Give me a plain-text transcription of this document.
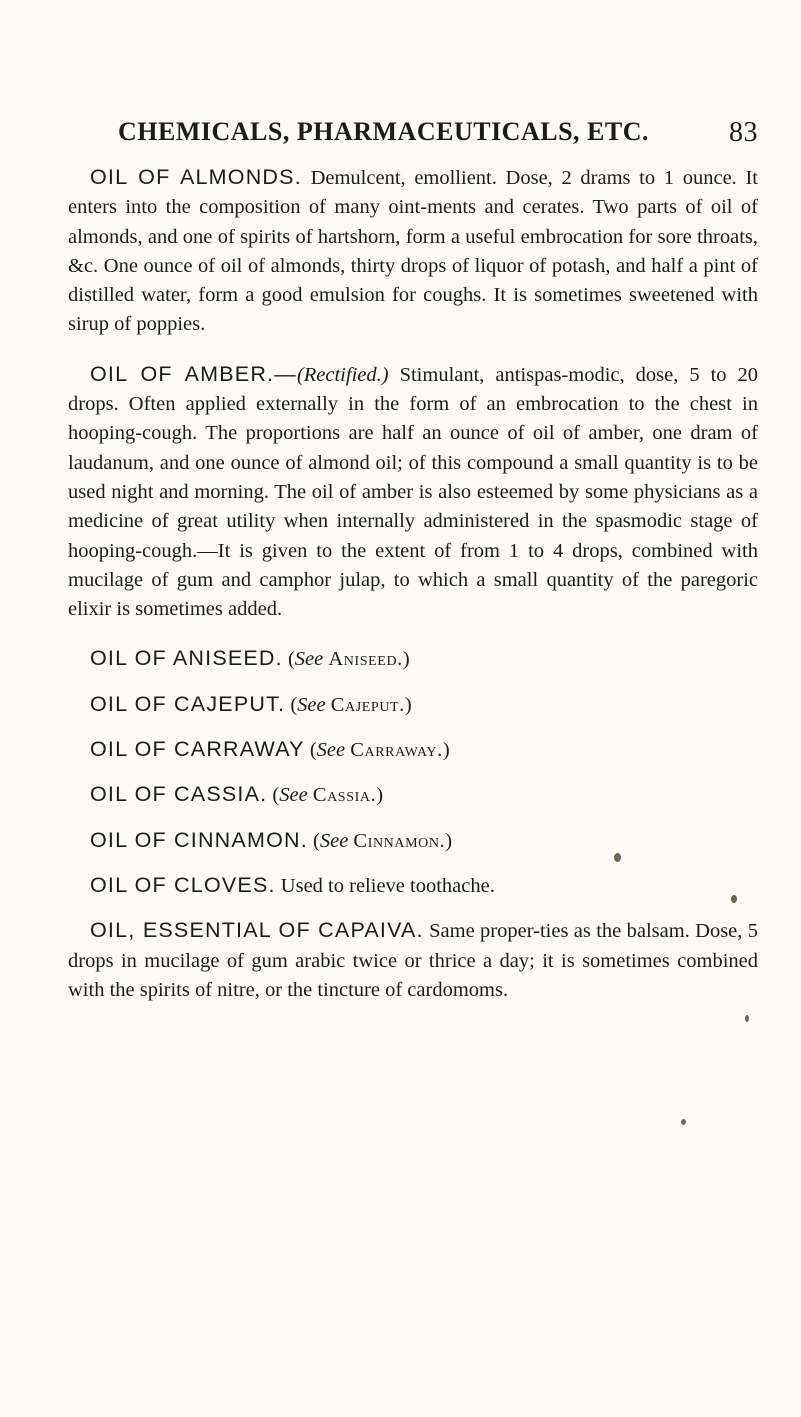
CHEMICALS, PHARMACEUTICALS, ETC.	83

OIL OF ALMONDS. Demulcent, emollient. Dose, 2 drams to 1 ounce. It enters into the composition of many oint-ments and cerates. Two parts of oil of almonds, and one of spirits of hartshorn, form a useful embrocation for sore throats, &c. One ounce of oil of almonds, thirty drops of liquor of potash, and half a pint of distilled water, form a good emulsion for coughs. It is sometimes sweetened with sirup of poppies.

OIL OF AMBER.—(Rectified.) Stimulant, antispas-modic, dose, 5 to 20 drops. Often applied externally in the form of an embrocation to the chest in hooping-cough. The proportions are half an ounce of oil of amber, one dram of laudanum, and one ounce of almond oil; of this compound a small quantity is to be used night and morning. The oil of amber is also esteemed by some physicians as a medicine of great utility when internally administered in the spasmodic stage of hooping-cough.—It is given to the extent of from 1 to 4 drops, combined with mucilage of gum and camphor julap, to which a small quantity of the paregoric elixir is sometimes added.

OIL OF ANISEED. (See Aniseed.)

OIL OF CAJEPUT. (See Cajeput.)

OIL OF CARRAWAY (See Carraway.)

OIL OF CASSIA. (See Cassia.)

OIL OF CINNAMON. (See Cinnamon.)

OIL OF CLOVES. Used to relieve toothache.

OIL, ESSENTIAL OF CAPAIVA. Same proper-ties as the balsam. Dose, 5 drops in mucilage of gum arabic twice or thrice a day; it is sometimes combined with the spirits of nitre, or the tincture of cardomoms.
